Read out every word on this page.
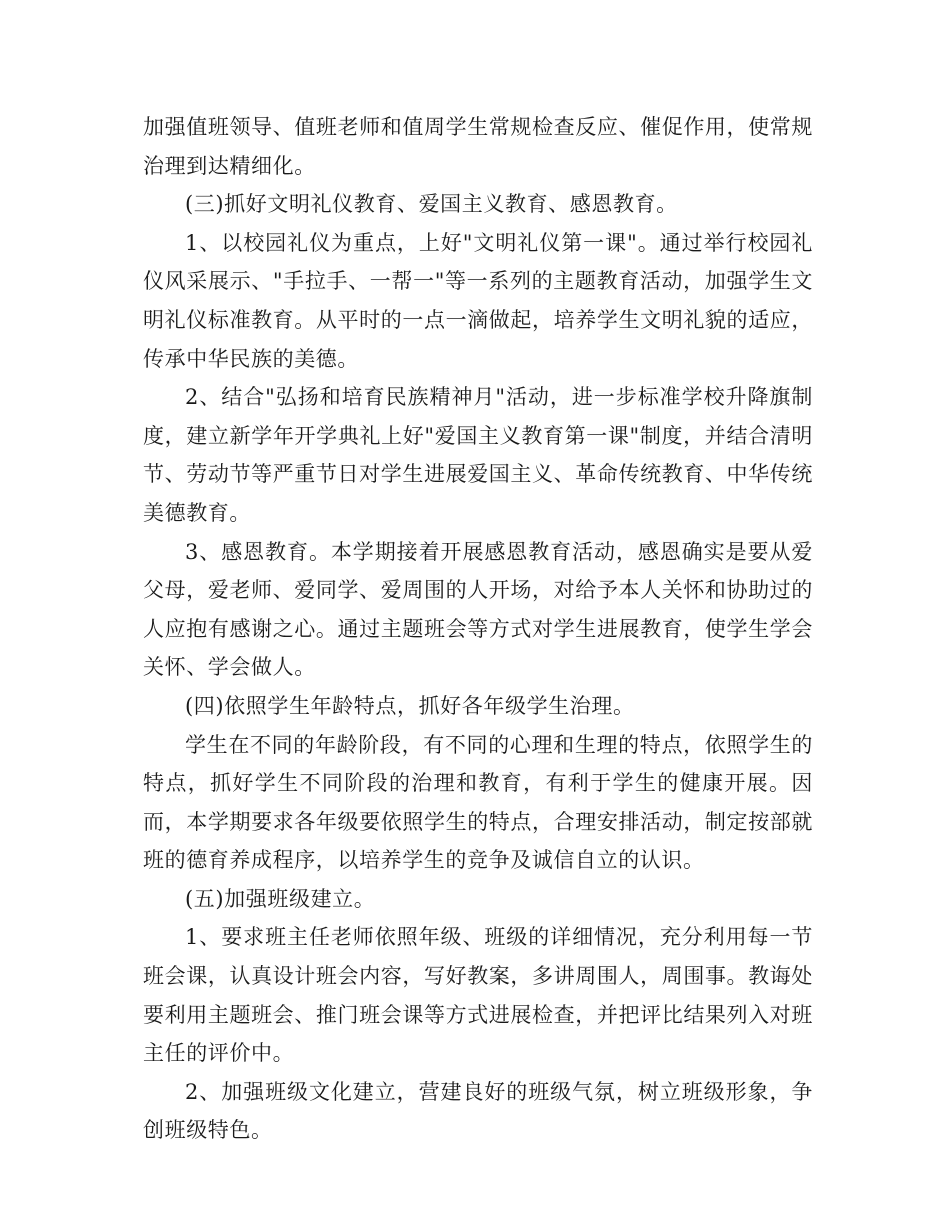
加强值班领导、值班老师和值周学生常规检查反应、催促作用，使常规治理到达精细化。

(三)抓好文明礼仪教育、爱国主义教育、感恩教育。

1、以校园礼仪为重点，上好"文明礼仪第一课"。通过举行校园礼仪风采展示、"手拉手、一帮一"等一系列的主题教育活动，加强学生文明礼仪标准教育。从平时的一点一滴做起，培养学生文明礼貌的适应，传承中华民族的美德。

2、结合"弘扬和培育民族精神月"活动，进一步标准学校升降旗制度，建立新学年开学典礼上好"爱国主义教育第一课"制度，并结合清明节、劳动节等严重节日对学生进展爱国主义、革命传统教育、中华传统美德教育。

3、感恩教育。本学期接着开展感恩教育活动，感恩确实是要从爱父母，爱老师、爱同学、爱周围的人开场，对给予本人关怀和协助过的人应抱有感谢之心。通过主题班会等方式对学生进展教育，使学生学会关怀、学会做人。

(四)依照学生年龄特点，抓好各年级学生治理。

学生在不同的年龄阶段，有不同的心理和生理的特点，依照学生的特点，抓好学生不同阶段的治理和教育，有利于学生的健康开展。因而，本学期要求各年级要依照学生的特点，合理安排活动，制定按部就班的德育养成程序，以培养学生的竞争及诚信自立的认识。

(五)加强班级建立。

1、要求班主任老师依照年级、班级的详细情况，充分利用每一节班会课，认真设计班会内容，写好教案，多讲周围人，周围事。教诲处要利用主题班会、推门班会课等方式进展检查，并把评比结果列入对班主任的评价中。

2、加强班级文化建立，营建良好的班级气氛，树立班级形象，争创班级特色。
